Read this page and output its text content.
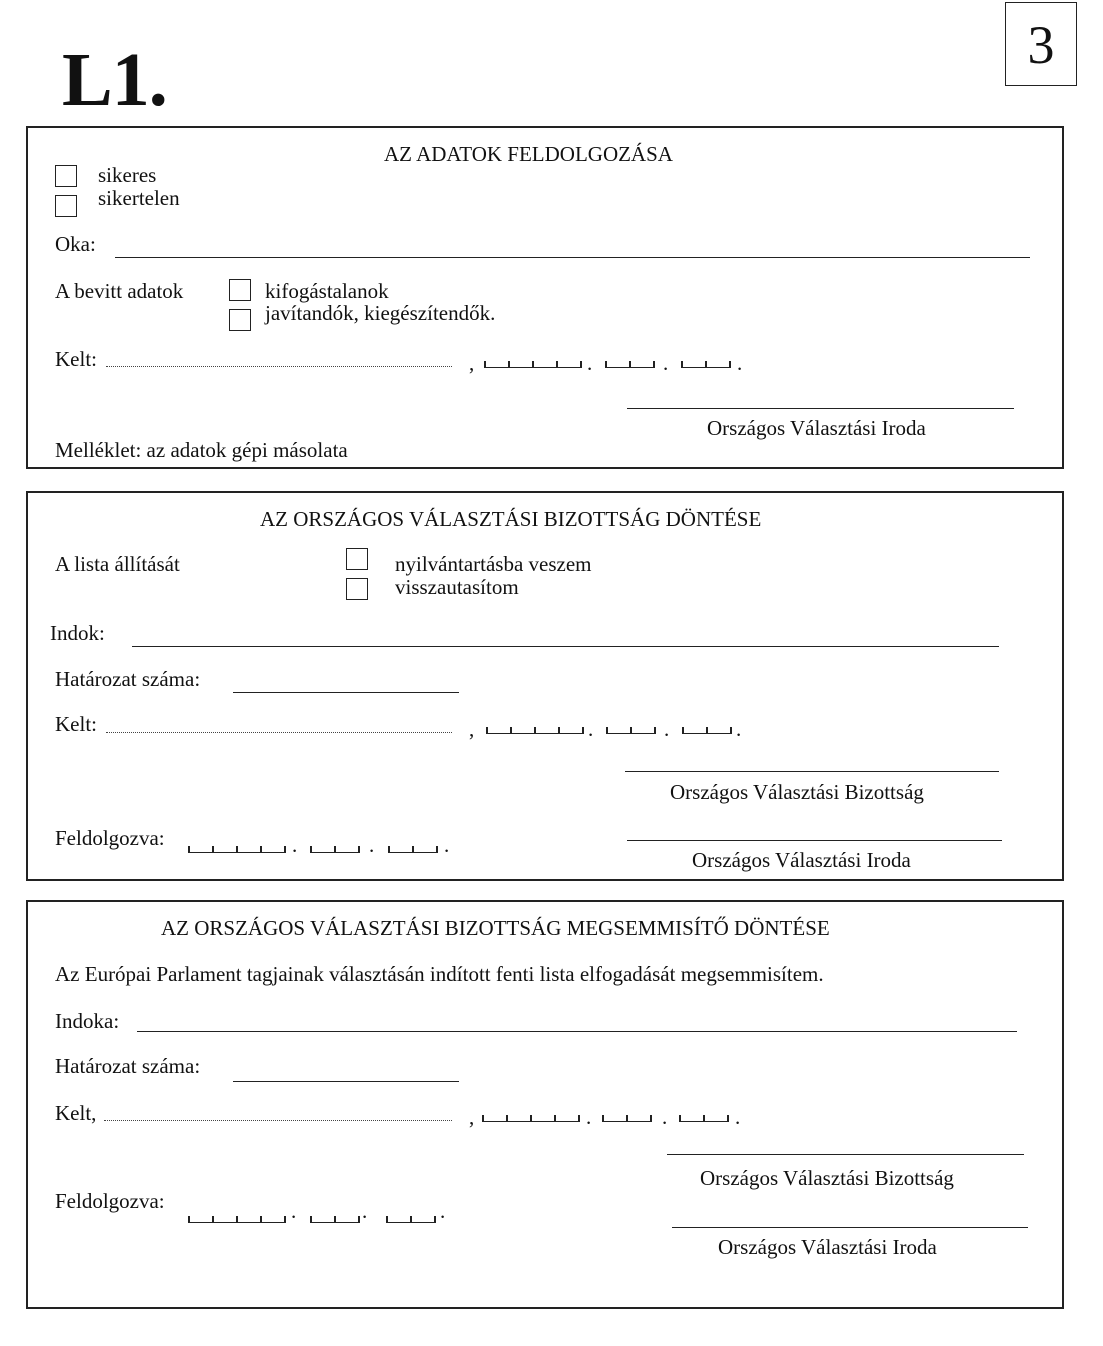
L1.	3
AZ ADATOK FELDOLGOZÁSA
sikeres
sikertelen
Oka:
A bevitt adatok	kifogástalanok
javítandók, kiegészítendők.
Kelt:	,	.	.	.
Országos Választási Iroda
Melléklet: az adatok gépi másolata
AZ ORSZÁGOS VÁLASZTÁSI BIZOTTSÁG DÖNTÉSE
A lista állítását	nyilvántartásba veszem
visszautasítom
Indok:
Határozat száma:
Kelt:	,	.	.	.
Országos Választási Bizottság
Feldolgozva:	.	.	.
Országos Választási Iroda
AZ ORSZÁGOS VÁLASZTÁSI BIZOTTSÁG MEGSEMMISÍTŐ DÖNTÉSE
Az Európai Parlament tagjainak választásán indított fenti lista elfogadását megsemmisítem.
Indoka:
Határozat száma:
Kelt,	,	.	.	.
Országos Választási Bizottság
Feldolgozva:	.	.	.
Országos Választási Iroda
